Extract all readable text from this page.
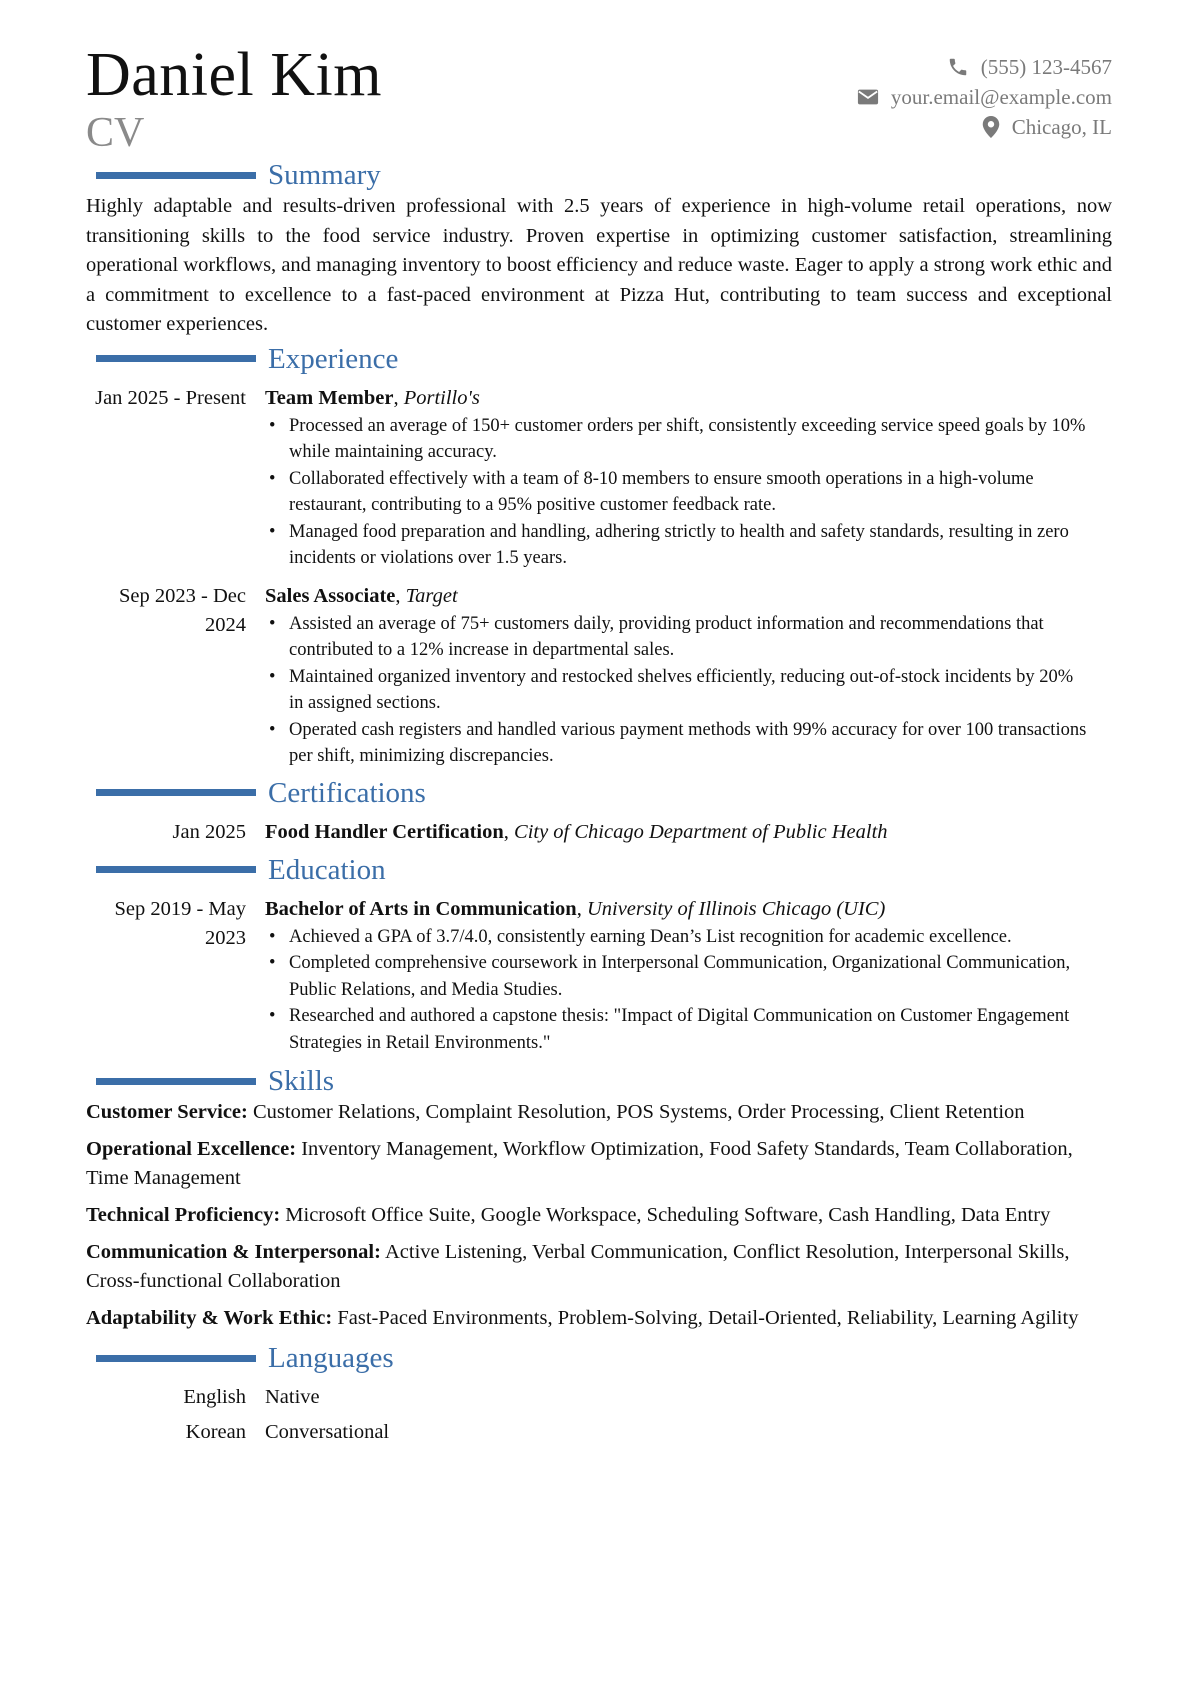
Daniel Kim
CV
(555) 123-4567
your.email@example.com
Chicago, IL
Summary

Highly adaptable and results-driven professional with 2.5 years of experience in high-volume retail operations, now transitioning skills to the food service industry. Proven expertise in optimizing customer satisfaction, streamlining operational workflows, and managing inventory to boost efficiency and reduce waste. Eager to apply a strong work ethic and a commitment to excellence to a fast-paced environment at Pizza Hut, contributing to team success and exceptional customer experiences.

Experience
Jan 2025 - Present Team Member, Portillo's
• Processed an average of 150+ customer orders per shift, consistently exceeding service speed goals by 10% while maintaining accuracy.
• Collaborated effectively with a team of 8-10 members to ensure smooth operations in a high-volume restaurant, contributing to a 95% positive customer feedback rate.
• Managed food preparation and handling, adhering strictly to health and safety standards, resulting in zero incidents or violations over 1.5 years.
Sep 2023 - Dec 2024
Sales Associate, Target
• Assisted an average of 75+ customers daily, providing product information and recommendations that contributed to a 12% increase in departmental sales.
• Maintained organized inventory and restocked shelves efficiently, reducing out-of-stock incidents by 20% in assigned sections.
• Operated cash registers and handled various payment methods with 99% accuracy for over 100 transactions per shift, minimizing discrepancies.
Certifications
Jan 2025 Food Handler Certification, City of Chicago Department of Public Health
Education
Sep 2019 - May 2023
Bachelor of Arts in Communication, University of Illinois Chicago (UIC)
• Achieved a GPA of 3.7/4.0, consistently earning Dean’s List recognition for academic excellence.
• Completed comprehensive coursework in Interpersonal Communication, Organizational Communication, Public Relations, and Media Studies.
• Researched and authored a capstone thesis: "Impact of Digital Communication on Customer Engagement Strategies in Retail Environments."
Skills

Customer Service: Customer Relations, Complaint Resolution, POS Systems, Order Processing, Client Retention

Operational Excellence: Inventory Management, Workflow Optimization, Food Safety Standards, Team Collaboration, Time Management

Technical Proficiency: Microsoft Office Suite, Google Workspace, Scheduling Software, Cash Handling, Data Entry

Communication & Interpersonal: Active Listening, Verbal Communication, Conflict Resolution, Interpersonal Skills, Cross-functional Collaboration

Adaptability & Work Ethic: Fast-Paced Environments, Problem-Solving, Detail-Oriented, Reliability, Learning Agility

Languages
English Native
Korean Conversational
